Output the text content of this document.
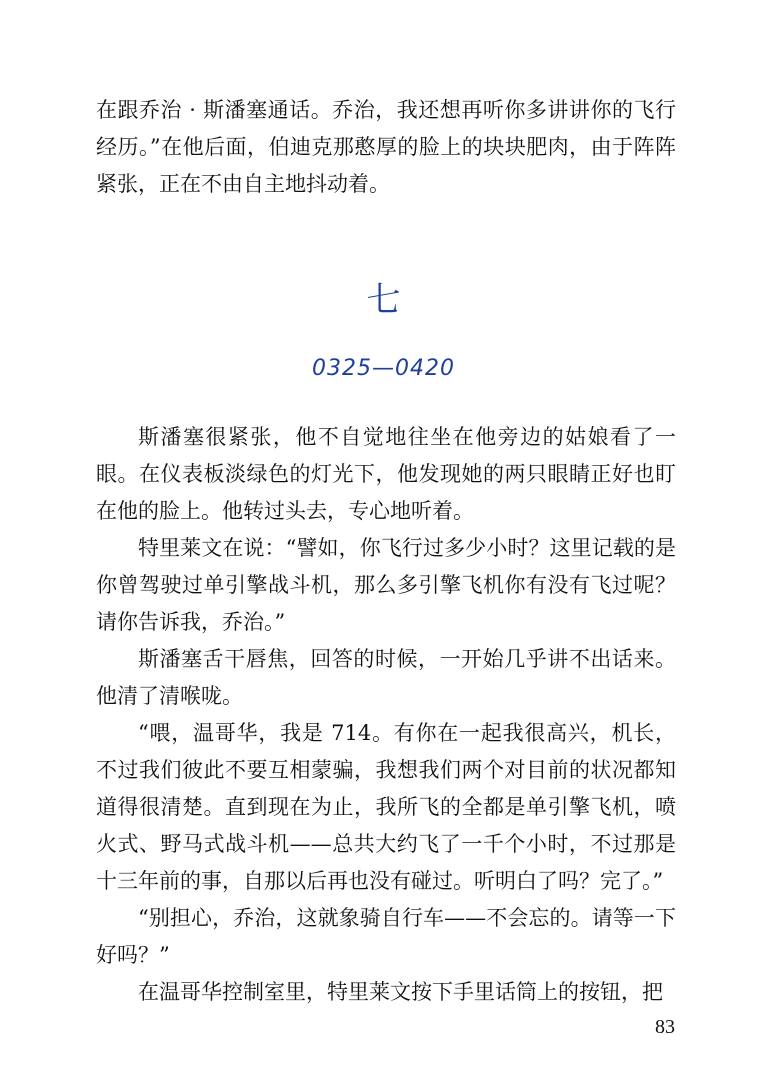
在跟乔治 · 斯潘塞通话。乔治，我还想再听你多讲讲你的飞行经历。”在他后面，伯迪克那憨厚的脸上的块块肥肉，由于阵阵紧张，正在不由自主地抖动着。

七
0325—0420

斯潘塞很紧张，他不自觉地往坐在他旁边的姑娘看了一眼。在仪表板淡绿色的灯光下，他发现她的两只眼睛正好也盯在他的脸上。他转过头去，专心地听着。

特里莱文在说：“譬如，你飞行过多少小时？这里记载的是你曾驾驶过单引擎战斗机，那么多引擎飞机你有没有飞过呢？请你告诉我，乔治。”

斯潘塞舌干唇焦，回答的时候，一开始几乎讲不出话来。他清了清喉咙。

“喂，温哥华，我是 714。有你在一起我很高兴，机长，不过我们彼此不要互相蒙骗，我想我们两个对目前的状况都知道得很清楚。直到现在为止，我所飞的全都是单引擎飞机，喷火式、野马式战斗机——总共大约飞了一千个小时，不过那是十三年前的事，自那以后再也没有碰过。听明白了吗？完了。”

“别担心，乔治，这就象骑自行车——不会忘的。请等一下好吗？”

在温哥华控制室里，特里莱文按下手里话筒上的按钮，把

83
